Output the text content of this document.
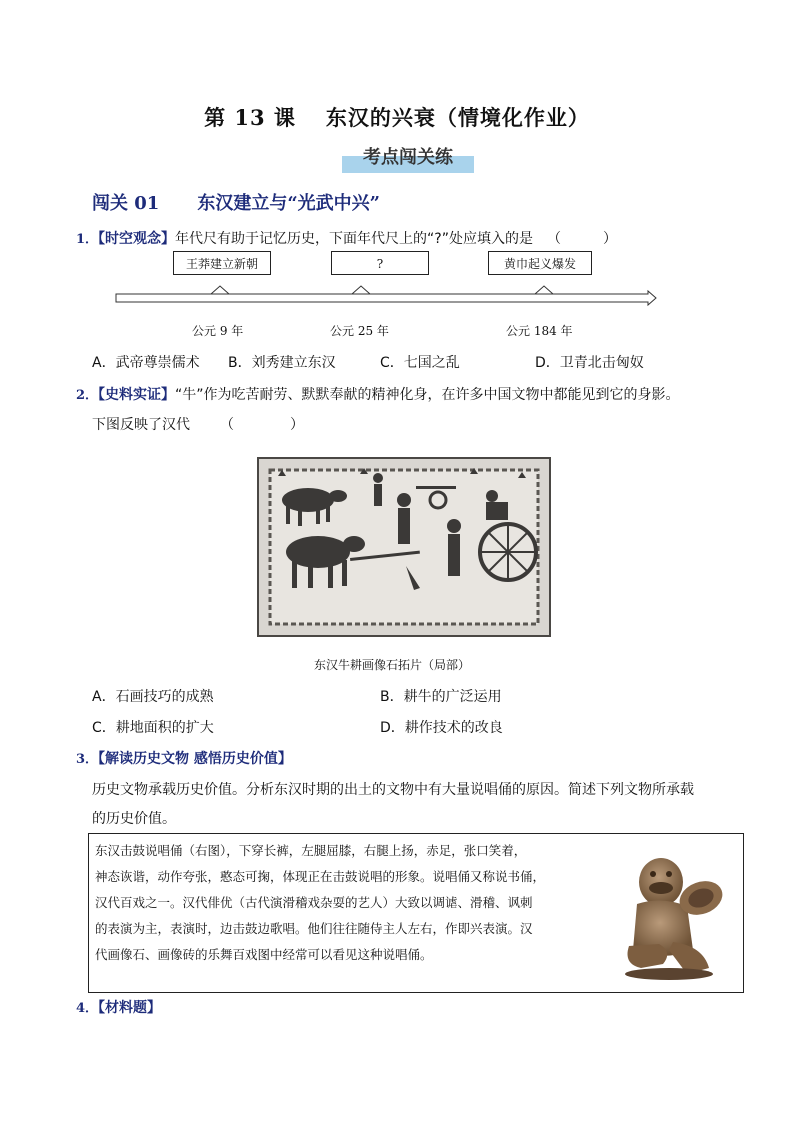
第 13 课 东汉的兴衰（情境化作业）
考点闯关练
闯关 01 东汉建立与“光武中兴”
1．【时空观念】年代尺有助于记忆历史，下面年代尺上的“?”处应填入的是 （　　　）
王莽建立新朝	?	黄巾起义爆发
公元 9 年	公元 25 年	公元 184 年
A．武帝尊崇儒术 B．刘秀建立东汉	C．七国之乱	D．卫青北击匈奴
2．【史料实证】“牛”作为吃苦耐劳、默默奉献的精神化身，在许多中国文物中都能见到它的身影。
下图反映了汉代 （　　　　）
东汉牛耕画像石拓片（局部）
A．石画技巧的成熟	B．耕牛的广泛运用
C．耕地面积的扩大	D．耕作技术的改良
3．【解读历史文物 感悟历史价值】
历史文物承载历史价值。分析东汉时期的出土的文物中有大量说唱俑的原因。简述下列文物所承载
的历史价值。
东汉击鼓说唱俑（右图），下穿长裤，左腿屈膝，右腿上扬，赤足，张口笑着，
神态诙谐，动作夸张，憨态可掬，体现正在击鼓说唱的形象。说唱俑又称说书俑，
汉代百戏之一。汉代俳优（古代演滑稽戏杂耍的艺人）大致以调谑、滑稽、讽刺
的表演为主，表演时，边击鼓边歌唱。他们往往随侍主人左右，作即兴表演。汉
代画像石、画像砖的乐舞百戏图中经常可以看见这种说唱俑。
4．【材料题】
